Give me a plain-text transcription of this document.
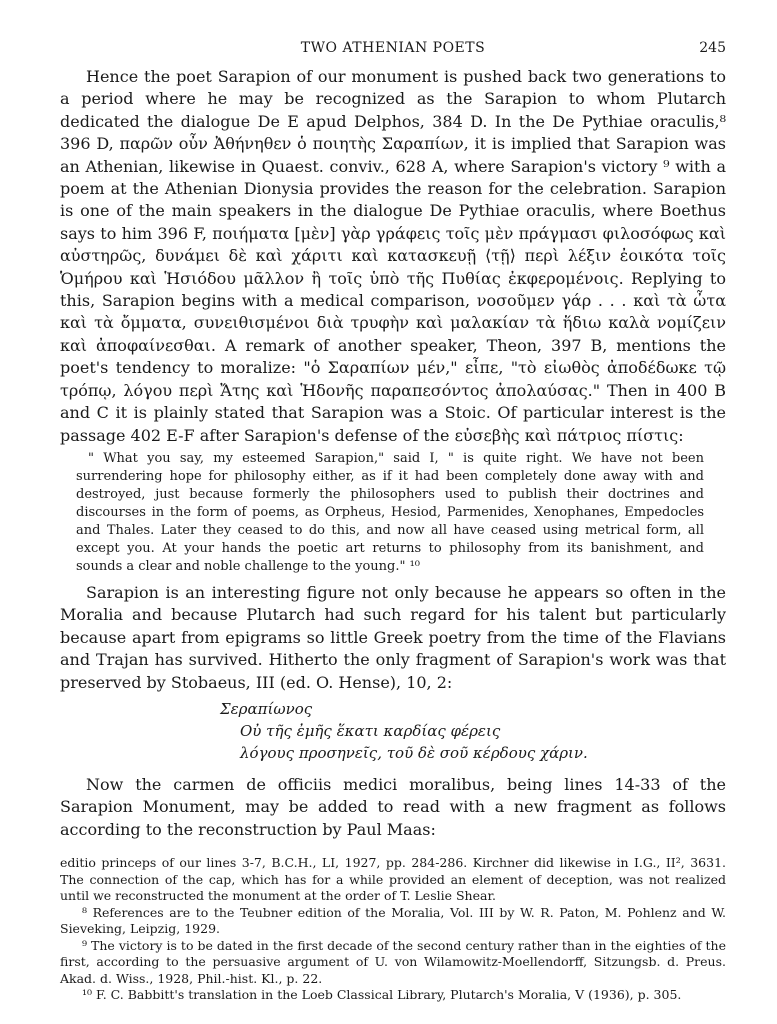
TWO ATHENIAN POETS	245

Hence the poet Sarapion of our monument is pushed back two generations to a period where he may be recognized as the Sarapion to whom Plutarch dedicated the dialogue De E apud Delphos, 384 D. In the De Pythiae oraculis,⁸ 396 D, παρῶν οὖν Ἀθήνηθεν ὁ ποιητὴς Σαραπίων, it is implied that Sarapion was an Athenian, likewise in Quaest. conviv., 628 A, where Sarapion's victory ⁹ with a poem at the Athenian Dionysia provides the reason for the celebration. Sarapion is one of the main speakers in the dialogue De Pythiae oraculis, where Boethus says to him 396 F, ποιήματα [μὲν] γὰρ γράφεις τοῖς μὲν πράγμασι φιλοσόφως καὶ αὐστηρῶς, δυνάμει δὲ καὶ χάριτι καὶ κατασκευῇ ⟨τῇ⟩ περὶ λέξιν ἐοικότα τοῖς Ὁμήρου καὶ Ἡσιόδου μᾶλλον ἢ τοῖς ὑπὸ τῆς Πυθίας ἐκφερομένοις. Replying to this, Sarapion begins with a medical comparison, νοσοῦμεν γάρ . . . καὶ τὰ ὦτα καὶ τὰ ὄμματα, συνειθισμένοι διὰ τρυφὴν καὶ μαλακίαν τὰ ἥδιω καλὰ νομίζειν καὶ ἀποφαίνεσθαι. A remark of another speaker, Theon, 397 B, mentions the poet's tendency to moralize: "ὁ Σαραπίων μέν," εἶπε, "τὸ εἰωθὸς ἀποδέδωκε τῷ τρόπῳ, λόγου περὶ Ἄτης καὶ Ἡδονῆς παραπεσόντος ἀπολαύσας." Then in 400 B and C it is plainly stated that Sarapion was a Stoic. Of particular interest is the passage 402 E-F after Sarapion's defense of the εὐσεβὴς καὶ πάτριος πίστις:

" What you say, my esteemed Sarapion," said I, " is quite right. We have not been surrendering hope for philosophy either, as if it had been completely done away with and destroyed, just because formerly the philosophers used to publish their doctrines and discourses in the form of poems, as Orpheus, Hesiod, Parmenides, Xenophanes, Empedocles and Thales. Later they ceased to do this, and now all have ceased using metrical form, all except you. At your hands the poetic art returns to philosophy from its banishment, and sounds a clear and noble challenge to the young." ¹⁰

Sarapion is an interesting figure not only because he appears so often in the Moralia and because Plutarch had such regard for his talent but particularly because apart from epigrams so little Greek poetry from the time of the Flavians and Trajan has survived. Hitherto the only fragment of Sarapion's work was that preserved by Stobaeus, III (ed. O. Hense), 10, 2:

Σεραπίωνος
Οὐ τῆς ἐμῆς ἕκατι καρδίας φέρεις
λόγους προσηνεῖς, τοῦ δὲ σοῦ κέρδους χάριν.

Now the carmen de officiis medici moralibus, being lines 14-33 of the Sarapion Monument, may be added to read with a new fragment as follows according to the reconstruction by Paul Maas:

editio princeps of our lines 3-7, B.C.H., LI, 1927, pp. 284-286. Kirchner did likewise in I.G., II², 3631. The connection of the cap, which has for a while provided an element of deception, was not realized until we reconstructed the monument at the order of T. Leslie Shear.

⁸ References are to the Teubner edition of the Moralia, Vol. III by W. R. Paton, M. Pohlenz and W. Sieveking, Leipzig, 1929.

⁹ The victory is to be dated in the first decade of the second century rather than in the eighties of the first, according to the persuasive argument of U. von Wilamowitz-Moellendorff, Sitzungsb. d. Preus. Akad. d. Wiss., 1928, Phil.-hist. Kl., p. 22.

¹⁰ F. C. Babbitt's translation in the Loeb Classical Library, Plutarch's Moralia, V (1936), p. 305.
